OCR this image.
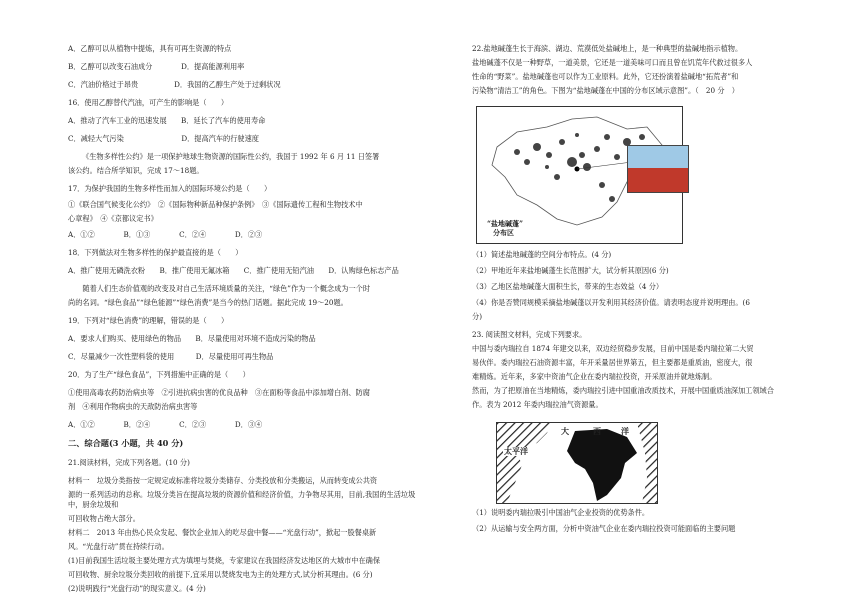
A．乙醇可以从植物中提炼，具有可再生资源的特点
B．乙醇可以改变石油成分　　　　D．提高能源利用率
C．汽油价格过于昂贵　　　　　D．我国的乙醇生产处于过剩状况
16．使用乙醇替代汽油，可产生的影响是（　　）
A．推动了汽车工业的迅速发展　　B．延长了汽车的使用寿命
C．减轻大气污染　　　　　　　　D．提高汽车的行驶速度
《生物多样性公约》是一项保护地球生物资源的国际性公约，我国于 1992 年 6 月 11 日签署
该公约。结合所学知识，完成 17～18题。
17．为保护我国的生物多样性而加入的国际环境公约是（　　）
①《联合国气候变化公约》　②《国际物种新品种保护条例》　③《国际遗传工程和生物技术中
心章程》　④《京都议定书》
A．①②　　　　B．①③　　　　C．②④　　　　D．②③
18．下列做法对生物多样性的保护最直接的是（　　）
A．推广使用无磷洗衣粉　　B．推广使用无氟冰箱　　C．推广使用无铅汽油　　D．认购绿色标志产品
　　随着人们生态价值观的改变及对自己生活环境质量的关注，“绿色”作为一个概念成为一个时
尚的名词。“绿色食品”“绿色能源”“绿色消费”是当今的热门话题。据此完成 19～20题。
19．下列对“绿色消费”的理解，错误的是（　　）
A．要求人们购买、使用绿色的物品　　B．尽量使用对环境不造成污染的物品
C．尽量减少一次性塑料袋的使用　　　D．尽量使用可再生物品
20．为了生产“绿色食品”，下列措施中正确的是（　　）
①使用高毒农药防治病虫等　②引进抗病虫害的优良品种　③在面粉等食品中添加增白剂、防腐
剂　④利用作物病虫的天敌防治病虫害等
A．①②　　　　B．②④　　　　C．②③　　　　D．③④
二、综合题(3 小题，共 40 分)
21.阅读材料，完成下列各题。(10 分)
材料一　垃圾分类指按一定规定或标准将垃圾分类储存、分类投放和分类搬运，从而转变成公共资
源的一系列活动的总称。垃圾分类旨在提高垃圾的资源价值和经济价值，力争物尽其用，目前,我国的生活垃圾中，厨余垃圾和
可回收物占绝大部分。
材料二　2013 年由热心民众发起、餐饮企业加入的吃尽盘中餐——“光盘行动”，掀起一股餐桌新
风。“光盘行动”贯在持续行动。
(1)目前我国生活垃圾主要处理方式为填埋与焚烧，专家建议在我国经济发达地区的大城市中在确保
可回收物、厨余垃圾分类回收的前提下,宜采用以焚烧发电为主的处理方式,试分析其理由。(6 分)
(2)说明践行“光盘行动”的现实意义。(4 分)
22.盐地碱蓬生长于海滨、湖边、荒漠低处盐碱地上，是一种典型的盐碱地指示植物。
盐地碱蓬不仅是一种野草，一道美景，它还是一道美味可口而且曾在饥荒年代救过很多人
性命的“野菜”。盐地碱蓬也可以作为工业原料。此外，它还扮演着盐碱地“拓荒者”和
污染物“清洁工”的角色。下图为“盐地碱蓬在中国的分布区域示意图”。（　20 分　）
“盐地碱蓬”
分布区
（1）简述盐地碱蓬的空间分布特点。(4 分)
（2）甲地近年来盐地碱蓬生长范围扩大，试分析其原因(6 分)
（3）乙地区盐地碱蓬大面积生长，带来的生态效益（4 分）
（4）你是否赞同规模采摘盐地碱蓬以开发利用其经济价值。请表明态度并说明理由。(6
分)
23. 阅读图文材料，完成下列要求。
中国与委内瑞拉自 1874 年建交以来，双边经贸稳步发展，目前中国是委内瑞拉第二大贸
易伙伴。委内瑞拉石油资源丰富，年开采量居世界第五，但主要都是重质油，密度大，很
难精炼。近年来，多家中资油气企业在委内瑞拉投资，开采原油并就地炼制。
然而，为了把原油在当地精炼，委内瑞拉引进中国重油改质技术，开展中国重质油深加工领域合
作。表为 2012 年委内瑞拉油气资源量。
大	西	洋
太平洋
（1）说明委内瑞拉吸引中国油气企业投资的优势条件。
（2）从运输与安全两方面，分析中资油气企业在委内瑞拉投资可能面临的主要问题
